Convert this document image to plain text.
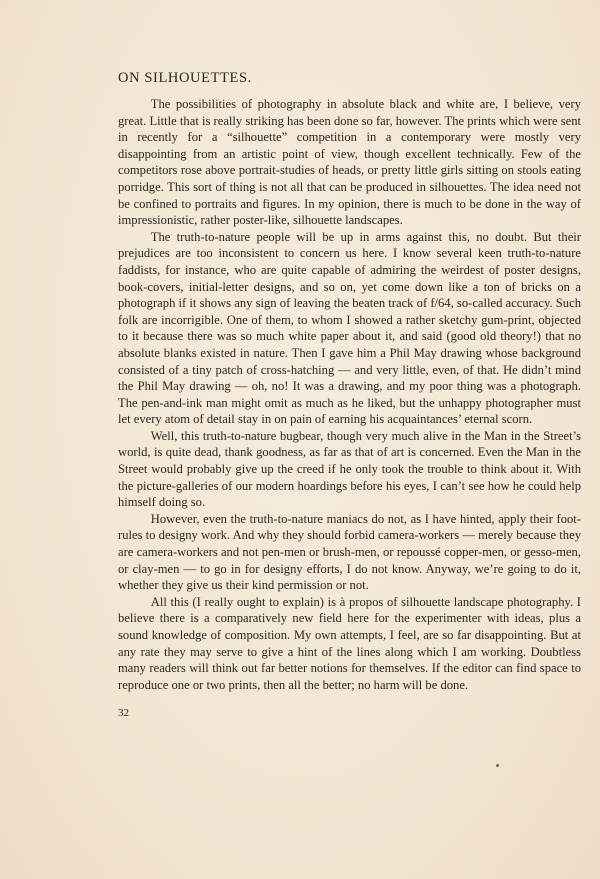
ON SILHOUETTES.

The possibilities of photography in absolute black and white are, I believe, very great. Little that is really striking has been done so far, however. The prints which were sent in recently for a “silhouette” competition in a contemporary were mostly very disappointing from an artistic point of view, though excellent technically. Few of the competitors rose above portrait-studies of heads, or pretty little girls sitting on stools eating porridge. This sort of thing is not all that can be produced in silhouettes. The idea need not be confined to portraits and figures. In my opinion, there is much to be done in the way of impressionistic, rather poster-like, silhouette landscapes.

The truth-to-nature people will be up in arms against this, no doubt. But their prejudices are too inconsistent to concern us here. I know several keen truth-to-nature faddists, for instance, who are quite capable of admiring the weirdest of poster designs, book-covers, initial-letter designs, and so on, yet come down like a ton of bricks on a photograph if it shows any sign of leaving the beaten track of f/64, so-called accuracy. Such folk are incorrigible. One of them, to whom I showed a rather sketchy gum-print, objected to it because there was so much white paper about it, and said (good old theory!) that no absolute blanks existed in nature. Then I gave him a Phil May drawing whose background consisted of a tiny patch of cross-hatching — and very little, even, of that. He didn’t mind the Phil May drawing — oh, no! It was a drawing, and my poor thing was a photograph. The pen-and-ink man might omit as much as he liked, but the unhappy photographer must let every atom of detail stay in on pain of earning his acquaintances’ eternal scorn.

Well, this truth-to-nature bugbear, though very much alive in the Man in the Street’s world, is quite dead, thank goodness, as far as that of art is concerned. Even the Man in the Street would probably give up the creed if he only took the trouble to think about it. With the picture-galleries of our modern hoardings before his eyes, I can’t see how he could help himself doing so.

However, even the truth-to-nature maniacs do not, as I have hinted, apply their foot-rules to designy work. And why they should forbid camera-workers — merely because they are camera-workers and not pen-men or brush-men, or repoussé copper-men, or gesso-men, or clay-men — to go in for designy efforts, I do not know. Anyway, we’re going to do it, whether they give us their kind permission or not.

All this (I really ought to explain) is à propos of silhouette landscape photography. I believe there is a comparatively new field here for the experimenter with ideas, plus a sound knowledge of composition. My own attempts, I feel, are so far disappointing. But at any rate they may serve to give a hint of the lines along which I am working. Doubtless many readers will think out far better notions for themselves. If the editor can find space to reproduce one or two prints, then all the better; no harm will be done.

32
